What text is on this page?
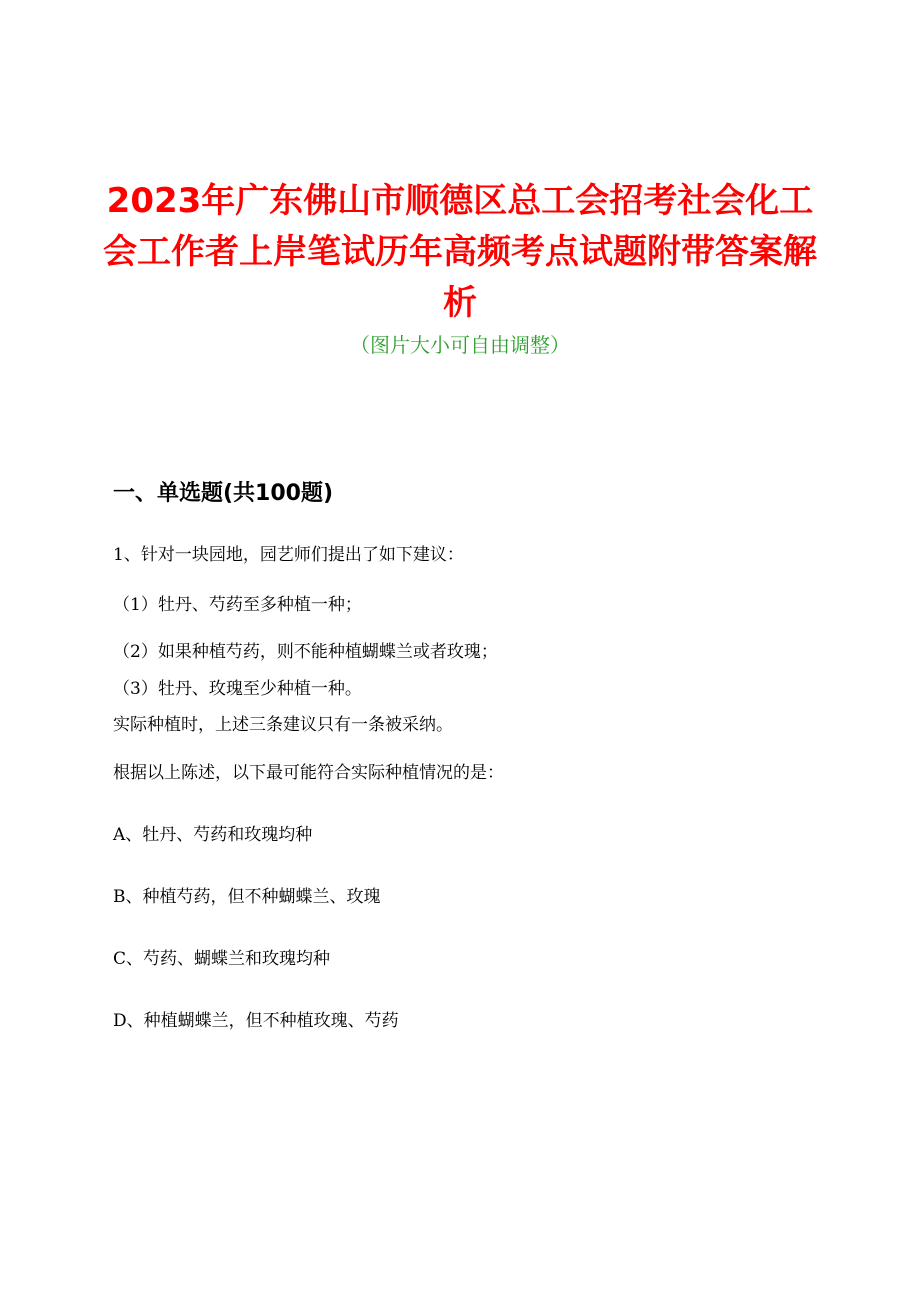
2023年广东佛山市顺德区总工会招考社会化工会工作者上岸笔试历年高频考点试题附带答案解析
（图片大小可自由调整）
一、单选题(共100题)
1、针对一块园地，园艺师们提出了如下建议：
（1）牡丹、芍药至多种植一种；
（2）如果种植芍药，则不能种植蝴蝶兰或者玫瑰；
（3）牡丹、玫瑰至少种植一种。
实际种植时，上述三条建议只有一条被采纳。
根据以上陈述，以下最可能符合实际种植情况的是：
A、牡丹、芍药和玫瑰均种
B、种植芍药，但不种蝴蝶兰、玫瑰
C、芍药、蝴蝶兰和玫瑰均种
D、种植蝴蝶兰，但不种植玫瑰、芍药
